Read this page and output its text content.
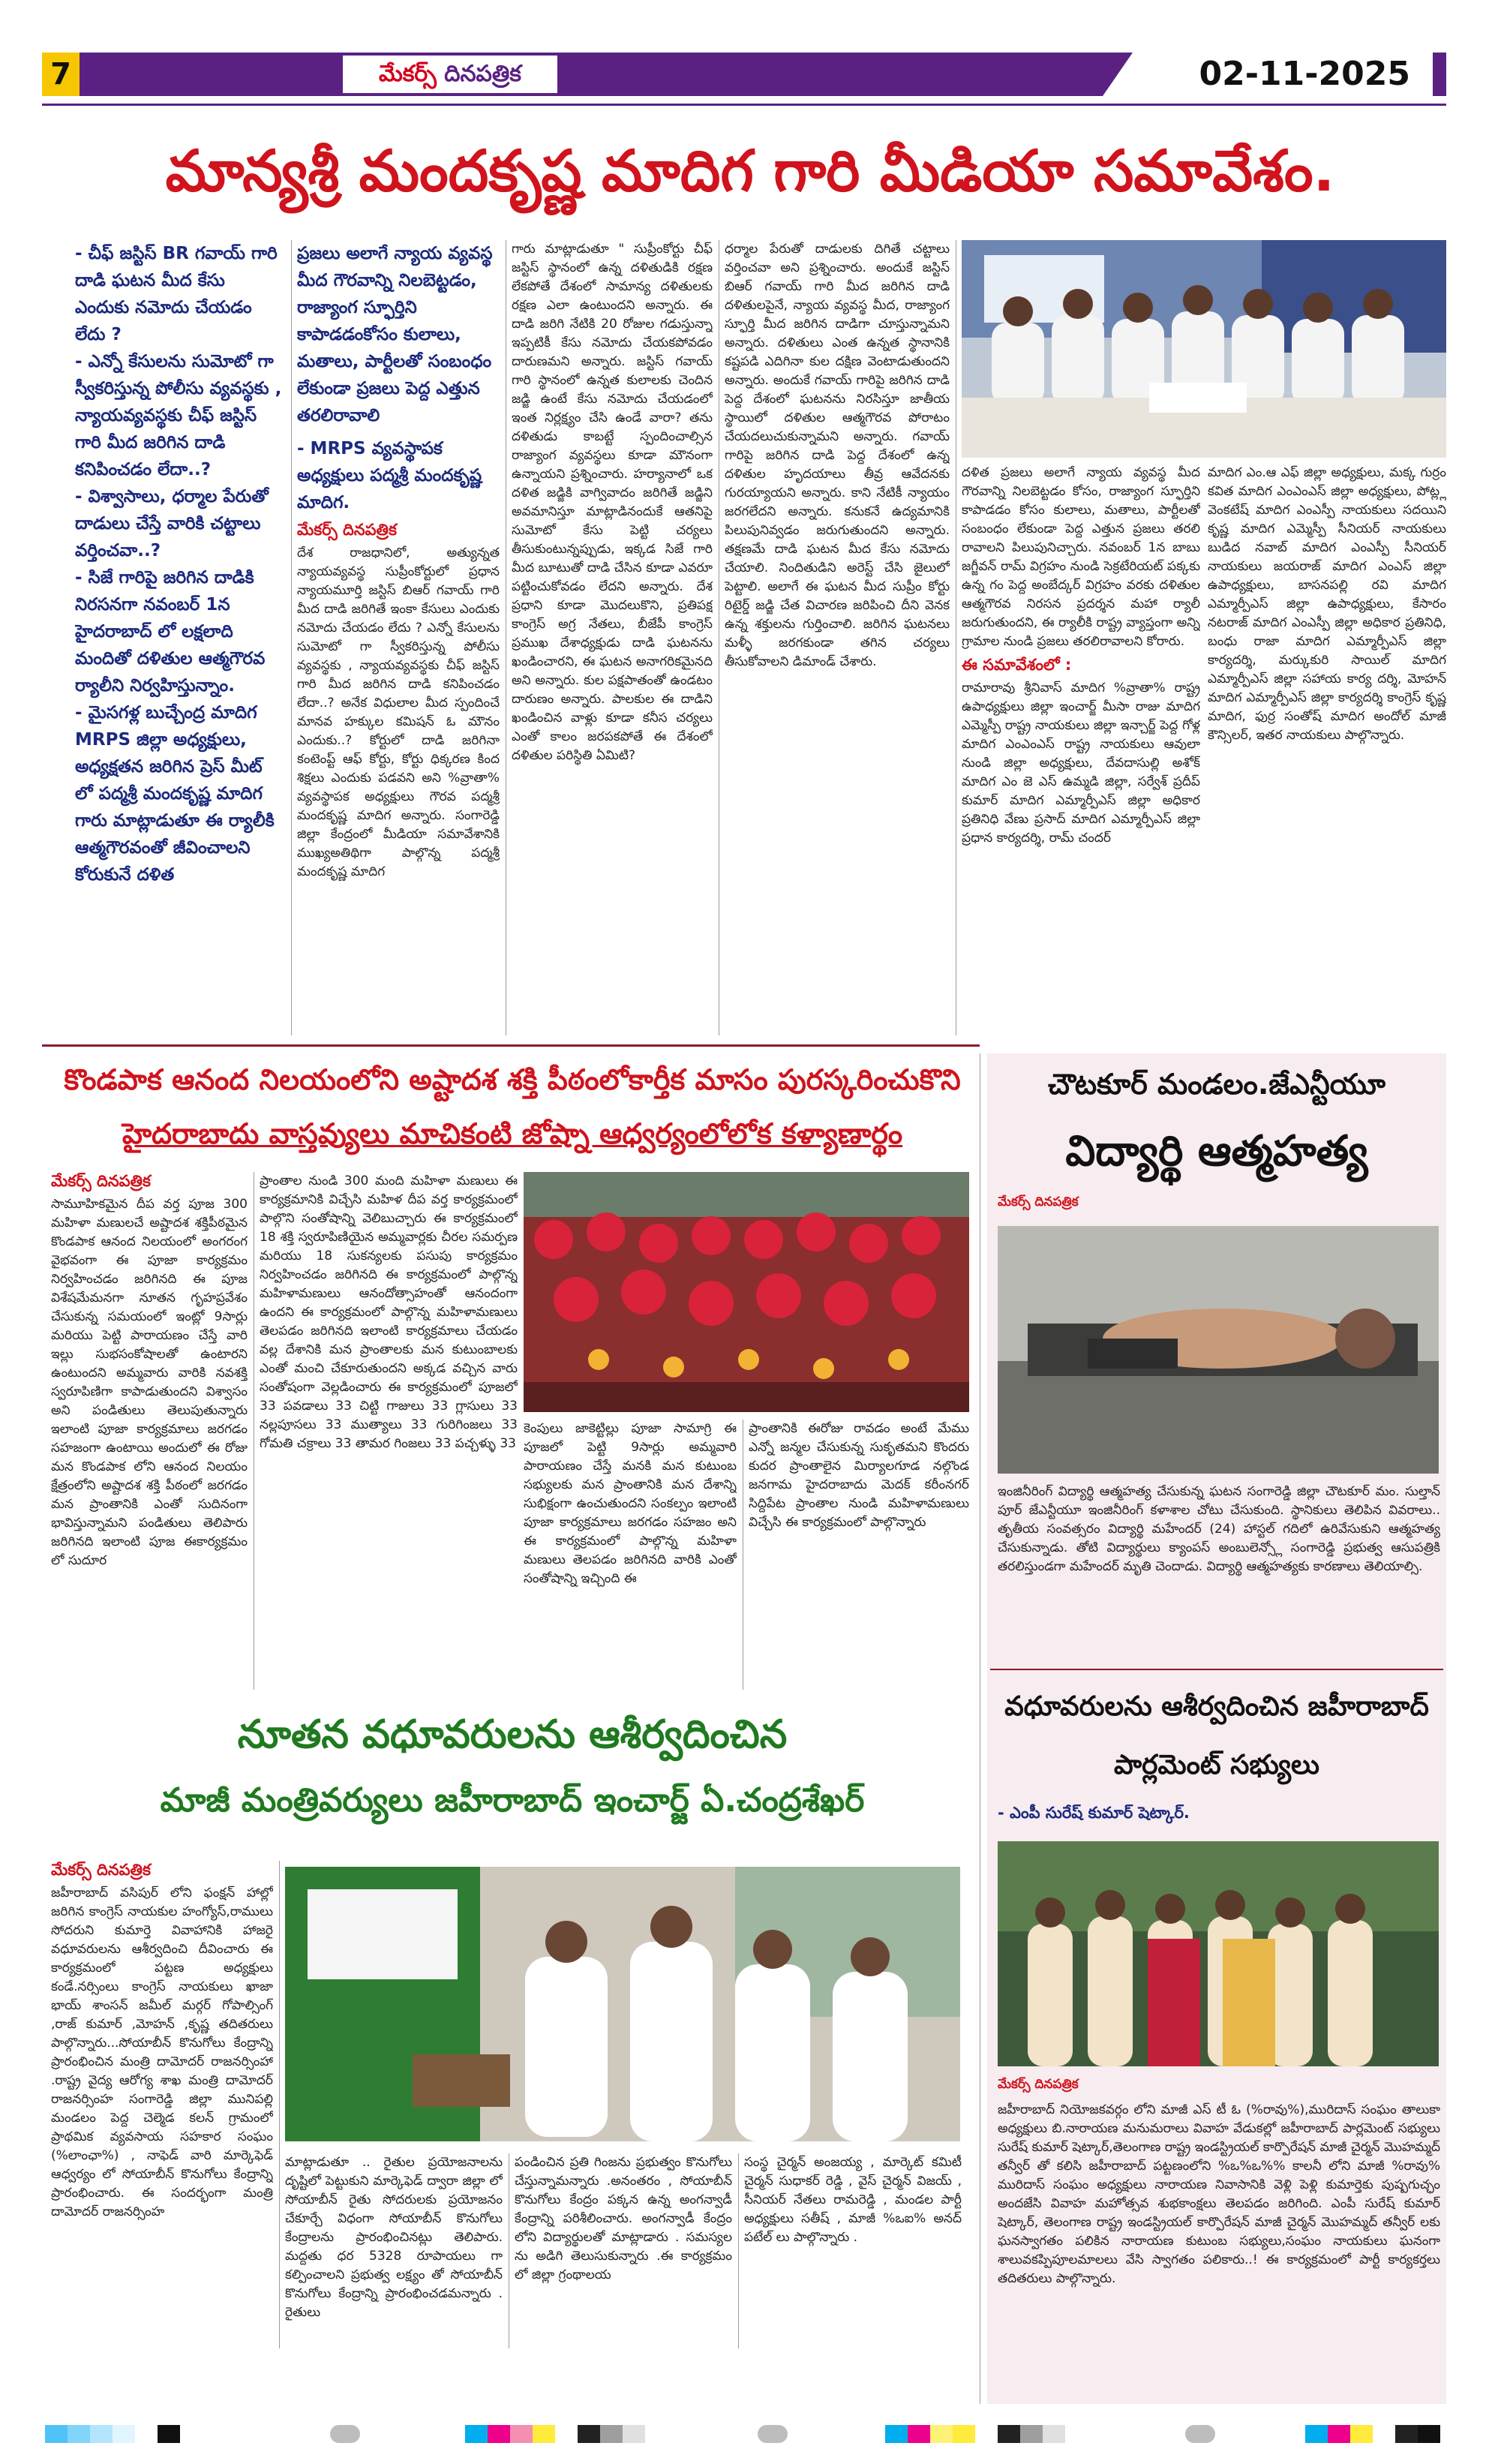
7	మేకర్స్ దినపత్రిక	02-11-2025
మాన్యశ్రీ మందకృష్ణ మాదిగ గారి మీడియా సమావేశం.
- చీఫ్ జస్టిస్ BR గవాయ్ గారి దాడి ఘటన మీద కేసు ఎందుకు నమోదు చేయడం లేదు ?
- ఎన్నో కేసులను సుమోటో గా స్వీకరిస్తున్న పోలీసు వ్యవస్థకు , న్యాయవ్యవస్థకు చీఫ్ జస్టిస్ గారి మీద జరిగిన దాడి కనిపించడం లేదా..?
- విశ్వాసాలు, ధర్మాల పేరుతో దాడులు చేస్తే వారికి చట్టాలు వర్తించవా..?
- సిజే గారిపై జరిగిన దాడికి నిరసనగా నవంబర్ 1న హైదరాబాద్ లో లక్షలాది మందితో దళితుల ఆత్మగౌరవ ర్యాలీని నిర్వహిస్తున్నాం.
- మైసగళ్ల బుచ్చేంద్ర మాదిగ MRPS జిల్లా అధ్యక్షులు, అధ్యక్షతన జరిగిన ప్రెస్ మీట్ లో పద్మశ్రీ మందకృష్ణ మాదిగ గారు మాట్లాడుతూ ఈ ర్యాలీకి ఆత్మగౌరవంతో జీవించాలని కోరుకునే దళిత
ప్రజలు అలాగే న్యాయ వ్యవస్థ మీద గౌరవాన్ని నిలబెట్టడం, రాజ్యాంగ స్ఫూర్తిని కాపాడడంకోసం కులాలు, మతాలు, పార్టీలతో సంబంధం లేకుండా ప్రజలు పెద్ద ఎత్తున తరలిరావాలి
- MRPS వ్యవస్థాపక అధ్యక్షులు పద్మశ్రీ మందకృష్ణ మాదిగ.
మేకర్స్ దినపత్రిక
దేశ రాజధానిలో, అత్యున్నత న్యాయవ్యవస్థ సుప్రీంకోర్టులో ప్రధాన న్యాయమూర్తి జస్టిస్ బిఆర్ గవాయ్ గారి మీద దాడి జరిగితే ఇంకా కేసులు ఎందుకు నమోదు చేయడం లేదు ? ఎన్నో కేసులను సుమోటో గా స్వీకరిస్తున్న పోలీసు వ్యవస్థకు , న్యాయవ్యవస్థకు చీఫ్ జస్టిస్ గారి మీద జరిగిన దాడి కనిపించడం లేదా..? అనేక విధులాల మీద స్పందించే మానవ హక్కుల కమిషన్ ఓ మౌనం ఎందుకు..? కోర్టులో దాడి జరిగినా కంటెంప్ట్ ఆఫ్ కోర్టు, కోర్టు ధిక్కరణ కింద శిక్షలు ఎందుకు పడవని అని %వ్రాతా% వ్యవస్థాపక అధ్యక్షులు గౌరవ పద్మశ్రీ మందకృష్ణ మాదిగ అన్నారు. సంగారెడ్డి జిల్లా కేంద్రంలో మీడియా సమావేశానికి ముఖ్యఅతిథిగా పాల్గొన్న పద్మశ్రీ మందకృష్ణ మాదిగ
గారు మాట్లాడుతూ " సుప్రీంకోర్టు చీఫ్ జస్టిస్ స్థానంలో ఉన్న దళితుడికి రక్షణ లేకపోతే దేశంలో సామాన్య దళితులకు రక్షణ ఎలా ఉంటుందని అన్నారు. ఈ దాడి జరిగి నేటికి 20 రోజుల గడుస్తున్నా ఇప్పటికీ కేసు నమోదు చేయకపోవడం దారుణమని అన్నారు. జస్టిస్ గవాయ్ గారి స్థానంలో ఉన్నత కులాలకు చెందిన జడ్జి ఉంటే కేసు నమోదు చేయడంలో ఇంత నిర్లక్ష్యం చేసి ఉండే వారా? తను దళితుడు కాబట్టే స్పందించాల్సిన రాజ్యాంగ వ్యవస్థలు కూడా మౌనంగా ఉన్నాయని ప్రశ్నించారు. హర్యానాలో ఒక దళిత జడ్జికి వాగ్వివాదం జరిగితే జడ్జిని అవమానిస్తూ మాట్లాడినందుకే ఆతనిపై సుమోటో కేసు పెట్టి చర్యలు తీసుకుంటున్నప్పుడు, ఇక్కడ సిజే గారి మీద బూటుతో దాడి చేసిన కూడా ఎవరూ పట్టించుకోవడం లేదని అన్నారు. దేశ ప్రధాని కూడా మొదలుకొని, ప్రతిపక్ష కాంగ్రెస్ అగ్ర నేతలు, బీజేపీ కాంగ్రెస్ ప్రముఖ దేశాధ్యక్షుడు దాడి ఘటనను ఖండించారని, ఈ ఘటన అనాగరికమైనది అని అన్నారు. కుల పక్షపాతంతో ఉండటం దారుణం అన్నారు. పాలకుల ఈ దాడిని ఖండించిన వాళ్లు కూడా కనీస చర్యలు ఎంతో కాలం జరపకపోతే ఈ దేశంలో దళితుల పరిస్థితి ఏమిటి?
ధర్మాల పేరుతో దాడులకు దిగితే చట్టాలు వర్తించవా అని ప్రశ్నించారు. అందుకే జస్టిస్ బిఆర్ గవాయ్ గారి మీద జరిగిన దాడి దళితులపైనే, న్యాయ వ్యవస్థ మీద, రాజ్యాంగ స్ఫూర్తి మీద జరిగిన దాడిగా చూస్తున్నామని అన్నారు. దళితులు ఎంత ఉన్నత స్థానానికి కష్టపడి ఎదిగినా కుల దక్షిణ వెంటాడుతుందని అన్నారు. అందుకే గవాయ్ గారిపై జరిగిన దాడి పెద్ద దేశంలో ఘటనను నిరసిస్తూ జాతీయ స్థాయిలో దళితుల ఆత్మగౌరవ పోరాటం చేయదలుచుకున్నామని అన్నారు. గవాయ్ గారిపై జరిగిన దాడి పెద్ద దేశంలో ఉన్న దళితుల హృదయాలు తీవ్ర ఆవేదనకు గురయ్యాయని అన్నారు. కాని నేటికీ న్యాయం జరగలేదని అన్నారు. కనుకనే ఉద్యమానికి పిలుపునివ్వడం జరుగుతుందని అన్నారు. తక్షణమే దాడి ఘటన మీద కేసు నమోదు చేయాలి. నిందితుడిని అరెస్ట్ చేసి జైలులో పెట్టాలి. అలాగే ఈ ఘటన మీద సుప్రీం కోర్టు రిటైర్డ్ జడ్జి చేత విచారణ జరిపించి దీని వెనక ఉన్న శక్తులను గుర్తించాలి. జరిగిన ఘటనలు మళ్ళీ జరగకుండా తగిన చర్యలు తీసుకోవాలని డిమాండ్ చేశారు.
దళిత ప్రజలు అలాగే న్యాయ వ్యవస్థ మీద గౌరవాన్ని నిలబెట్టడం కోసం, రాజ్యాంగ స్ఫూర్తిని కాపాడడం కోసం కులాలు, మతాలు, పార్టీలతో సంబంధం లేకుండా పెద్ద ఎత్తున ప్రజలు తరలి రావాలని పిలుపునిచ్చారు. నవంబర్ 1న బాబు జగ్జీవన్ రామ్ విగ్రహం నుండి సెక్రటేరియట్ పక్కకు ఉన్న గం పెద్ద అంబేద్కర్ విగ్రహం వరకు దళితుల ఆత్మగౌరవ నిరసన ప్రదర్శన మహా ర్యాలీ జరుగుతుందని, ఈ ర్యాలీకి రాష్ట్ర వ్యాప్తంగా అన్ని గ్రామాల నుండి ప్రజలు తరలిరావాలని కోరారు.
ఈ సమావేశంలో :
రామారావు శ్రీనివాస్ మాదిగ %వ్రాతా% రాష్ట్ర ఉపాధ్యక్షులు జిల్లా ఇంచార్జ్ మీసా రాజు మాదిగ ఎమ్మెస్పీ రాష్ట్ర నాయకులు జిల్లా ఇన్చార్జ్ పెద్ద గోళ్ల మాదిగ ఎంఎంఎస్ రాష్ట్ర నాయకులు ఆవులా నుండి జిల్లా అధ్యక్షులు, దేవదాసుల్లి అశోక్ మాదిగ ఎం జె ఎస్ ఉమ్మడి జిల్లా, సర్వేశ్ ప్రదీప్ కుమార్ మాదిగ ఎమ్మార్పీఎస్ జిల్లా అధికార ప్రతినిధి వేణు ప్రసాద్ మాదిగ ఎమ్మార్పీఎస్ జిల్లా ప్రధాన కార్యదర్శి, రామ్ చందర్
మాదిగ ఎం.ఆ ఎఫ్ జిల్లా అధ్యక్షులు, మక్క గుర్రం కవిత మాదిగ ఎంఎంఎస్ జిల్లా అధ్యక్షులు, పోట్ల్ల వెంకటేష్ మాదిగ ఎంఎస్పీ నాయకులు సదయిని కృష్ణ మాదిగ ఎమ్మెస్పీ సీనియర్ నాయకులు బుడిద నవాబ్ మాదిగ ఎంఎస్పీ సీనియర్ నాయకులు జయరాజ్ మాదిగ ఎంఎస్ జిల్లా ఉపాధ్యక్షులు, బాసనపల్లి రవి మాదిగ ఎమ్మార్పీఎస్ జిల్లా ఉపాధ్యక్షులు, కేసారం నటరాజ్ మాదిగ ఎంఎస్పీ జిల్లా అధికార ప్రతినిధి, బంధు రాజా మాదిగ ఎమ్మార్పీఎస్ జిల్లా కార్యదర్శి, మర్కుకురి సాయిల్ మాదిగ ఎమ్మార్పీఎస్ జిల్లా సహాయ కార్య దర్శి, మోహన్ మాదిగ ఎమ్మార్పీఎస్ జిల్లా కార్యదర్శి కాంగ్రెస్ కృష్ణ మాదిగ, ఫుర్ర సంతోష్ మాదిగ అందోల్ మాజీ కౌన్సిలర్, ఇతర నాయకులు పాల్గొన్నారు.
కొండపాక ఆనంద నిలయంలోని అష్టాదశ శక్తి పీఠంలోకార్తీక మాసం పురస్కరించుకొని
హైదరాబాదు వాస్తవ్యులు మాచికంటి జోష్నా ఆధ్వర్యంలోలోక కళ్యాణార్థం
మేకర్స్ దినపత్రిక
సామూహికమైన దీప వర్త పూజ 300 మహిళా మణులచే అష్టాదశ శక్తిపీఠమైన కొండపాక ఆనంద నిలయంలో అంగరంగ వైభవంగా ఈ పూజా కార్యక్రమం నిర్వహించడం జరిగినది ఈ పూజ విశేషమేమనగా నూతన గృహప్రవేశం చేసుకున్న సమయంలో ఇంట్లో 9సార్లు మరియు పెట్టి పారాయణం చేస్తే వారి ఇల్లు సుభసంకోషాలతో ఉంటారని ఉంటుందని అమ్మవారు వారికి నవశక్తి స్వరూపిణిగా కాపాడుతుందని విశ్వాసం అని పండితులు తెలుపుతున్నారు ఇలాంటి పూజా కార్యక్రమాలు జరగడం సహజంగా ఉంటాయి అందులో ఈ రోజు మన కొండపాక లోని ఆనంద నిలయం క్షేత్రంలోని అష్టాదశ శక్తి పీఠంలో జరగడం మన ప్రాంతానికి ఎంతో సుదినంగా భావిస్తున్నామని పండితులు తెలిపారు జరిగినది ఇలాంటి పూజ ఈకార్యక్రమం లో సుదూర
ప్రాంతాల నుండి 300 మంది మహిళా మణులు ఈ కార్యక్రమానికి విచ్చేసి మహిళ దీప వర్త కార్యక్రమంలో పాల్గొని సంతోషాన్ని వెలిబుచ్చారు ఈ కార్యక్రమంలో 18 శక్తి స్వరూపిణియైన అమ్మవార్లకు చీరల సమర్పణ మరియు 18 సుకన్యలకు పసుపు కార్యక్రమం నిర్వహించడం జరిగినది ఈ కార్యక్రమంలో పాల్గొన్న మహిళామణులు ఆనందోత్సాహంతో ఆనందంగా ఉందని ఈ కార్యక్రమంలో పాల్గొన్న మహిళామణులు తెలపడం జరిగినది ఇలాంటి కార్యక్రమాలు చేయడం వల్ల దేశానికి మన ప్రాంతాలకు మన కుటుంబాలకు ఎంతో మంచి చేకూరుతుందని అక్కడ వచ్చిన వారు సంతోషంగా వెల్లడించారు ఈ కార్యక్రమంలో పూజలో 33 పవడాలు 33 చిట్టి గాజులు 33 గ్లాసులు 33 నల్లపూసలు 33 ముత్యాలు 33 గురిగింజలు 33 గోమతి చక్రాలు 33 తామర గింజలు 33 పచ్చళ్ళు 33
కెంపులు జాకెట్టిల్లు పూజా సామాగ్రి ఈ పూజలో పెట్టి 9సార్లు అమ్మవారి పారాయణం చేస్తే మనకి మన కుటుంబ సభ్యులకు మన ప్రాంతానికి మన దేశాన్ని సుభిక్షంగా ఉంచుతుందని సంకల్పం ఇలాంటి పూజా కార్యక్రమాలు జరగడం సహజం అని ఈ కార్యక్రమంలో పాల్గొన్న మహిళా మణులు తెలపడం జరిగినది వారికి ఎంతో సంతోషాన్ని ఇచ్చింది ఈ
ప్రాంతానికి ఈరోజు రావడం అంటే మేము ఎన్నో జన్మల చేసుకున్న సుకృతమని కొందరు కుదర ప్రాంతాలైన మిర్యాలగూడ నల్గొండ జనగామ హైదరాబాదు మెదక్ కరీంనగర్ సిద్దిపేట ప్రాంతాల నుండి మహిళామణులు విచ్చేసి ఈ కార్యక్రమంలో పాల్గొన్నారు
నూతన వధూవరులను ఆశీర్వదించిన
మాజీ మంత్రివర్యులు జహీరాబాద్ ఇంచార్జ్ ఏ.చంద్రశేఖర్
మేకర్స్ దినపత్రిక
జహీరాబాద్ వసిపుర్ లోని ఫంక్షన్ హాల్లో జరిగిన కాంగ్రెస్ నాయకుల హంగ్యోస్,రాములు సోదరుని కుమార్తె వివాహానికి హాజరై వధూవరులను ఆశీర్వదించి దీవించారు ఈ కార్యక్రమంలో పట్టణ అధ్యక్షులు కండే.నర్సింలు కాంగ్రెస్ నాయకులు ఖాజా భాయ్ శాంసన్ జమీల్ మర్గర్ గోపాల్సింగ్ ,రాజ్ కుమార్ ,మోహన్ ,కృష్ణ తదితరులు పాల్గొన్నారు...సోయాబీన్ కొనుగోలు కేంద్రాన్ని ప్రారంభించిన మంత్రి దామోదర్ రాజనర్సింహా .రాష్ట్ర వైద్య ఆరోగ్య శాఖ మంత్రి దామోదర్ రాజనర్సింహ సంగారెడ్డి జిల్లా మునిపల్లి మండలం పెద్ద చెల్మెడ కలన్ గ్రామంలో ప్రాథమిక వ్యవసాయ సహకార సంఘం (%లాంఛా%) , నాఫెడ్ వారి మార్కెఫెడ్ ఆధ్వర్యం లో సోయాబీన్ కొనుగోలు కేంద్రాన్ని ప్రారంభించారు. ఈ సందర్భంగా మంత్రి దామోదర్ రాజనర్సింహ
మాట్లాడుతూ .. రైతుల ప్రయోజనాలను దృష్టిలో పెట్టుకుని మార్కెఫెడ్ ద్వారా జిల్లా లో సోయాబీన్ రైతు సోదరులకు ప్రయోజనం చేకూర్చే విధంగా సోయాబీన్ కొనుగోలు కేంద్రాలను ప్రారంభించినట్లు తెలిపారు. మద్దతు ధర 5328 రూపాయలు గా కల్పించాలని ప్రభుత్వ లక్ష్యం తో సోయాబీన్ కొనుగోలు కేంద్రాన్ని ప్రారంభించడమన్నారు . రైతులు
పండించిన ప్రతి గింజను ప్రభుత్వం కొనుగోలు చేస్తున్నామన్నారు .అనంతరం , సోయాబీన్ కొనుగోలు కేంద్రం పక్కన ఉన్న అంగన్వాడీ కేంద్రాన్ని పరిశీలించారు. అంగన్వాడీ కేంద్రం లోని విద్యార్థులతో మాట్లాడారు . సమస్యల ను అడిగి తెలుసుకున్నారు .ఈ కార్యక్రమం లో జిల్లా గ్రంథాలయ
సంస్థ చైర్మన్ అంజయ్య , మార్కెట్ కమిటీ చైర్మన్ సుధాకర్ రెడ్డి , వైస్ చైర్మన్ విజయ్ , సీనియర్ నేతలు రామరెడ్డి , మండల పార్టీ అధ్యక్షులు సతీష్ , మాజీ %ఒఐ% అనద్ పటేల్ లు పాల్గొన్నారు .
చౌటకూర్ మండలం.జేఎన్టీయూ
విద్యార్థి ఆత్మహత్య
మేకర్స్ దినపత్రిక
ఇంజినీరింగ్ విద్యార్థి ఆత్మహత్య చేసుకున్న ఘటన సంగారెడ్డి జిల్లా చౌటకూర్ మం. సుల్తాన్ పూర్ జేఎన్టీయూ ఇంజినీరింగ్ కళాశాల చోటు చేసుకుంది. స్థానికులు తెలిపిన వివరాలు.. తృతీయ సంవత్సరం విద్యార్థి మహేందర్ (24) హాస్టల్ గదిలో ఉరివేసుకుని ఆత్మహత్య చేసుకున్నాడు. తోటి విద్యార్థులు క్యాంపస్ అంబులెన్స్లో సంగారెడ్డి ప్రభుత్వ ఆసుపత్రికి తరలిస్తుండగా మహేందర్ మృతి చెందాడు. విద్యార్థి ఆత్మహత్యకు కారణాలు తెలియాల్సి.
వధూవరులను ఆశీర్వదించిన జహీరాబాద్ పార్లమెంట్ సభ్యులు
- ఎంపీ సురేష్ కుమార్ షెట్కార్.
మేకర్స్ దినపత్రిక
జహీరాబాద్ నియోజకవర్గం లోని మాజీ ఎస్ టీ ఓ (%రావు%),మురిదాస్ సంఘం తాలుకా అధ్యక్షులు బి.నారాయణ మనుమరాలు వివాహ వేడుకల్లో జహీరాబాద్ పార్లమెంట్ సభ్యులు సురేష్ కుమార్ షెట్కార్,తెలంగాణ రాష్ట్ర ఇండస్ట్రియల్ కార్పొరేషన్ మాజీ చైర్మన్ మొహమ్మద్ తన్వీర్ తో కలిసి జహీరాబాద్ పట్టణంలోని %ఒ%ఒ%% కాలనీ లోని మాజీ %రావు% మురిదాస్ సంఘం అధ్యక్షులు నారాయణ నివాసానికి వెళ్లి పెళ్లి కుమార్తెకు పుష్పగుచ్ఛం అందజేసి వివాహ మహోత్సవ శుభకాంక్షలు తెలపడం జరిగింది. ఎంపీ సురేష్ కుమార్ షెట్కార్, తెలంగాణ రాష్ట్ర ఇండస్ట్రియల్ కార్పొరేషన్ మాజీ చైర్మన్ మొహమ్మద్ తన్వీర్ లకు ఘనస్వాగతం పలికిన నారాయణ కుటుంబ సభ్యులు,సంఘం నాయకులు ఘనంగా శాలువకప్పిపూలమాలలు వేసి స్వాగతం పలికారు..! ఈ కార్యక్రమంలో పార్టీ కార్యకర్తలు తదితరులు పాల్గొన్నారు.
